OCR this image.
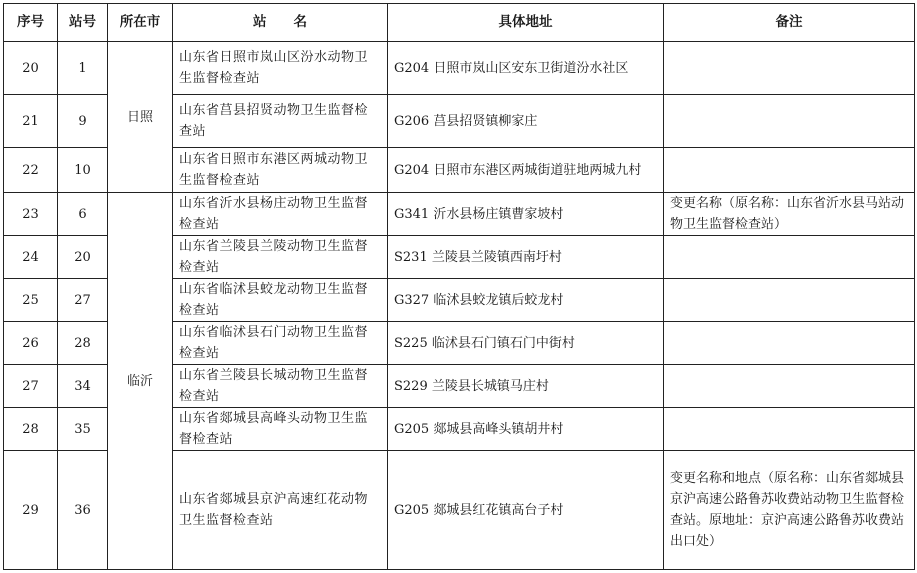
序号	站号	所在市	站　　名	具体地址	备注
20	1	日照	山东省日照市岚山区汾水动物卫生监督检查站	G204 日照市岚山区安东卫街道汾水社区	
21	9		山东省莒县招贤动物卫生监督检查站	G206 莒县招贤镇柳家庄	
22	10		山东省日照市东港区两城动物卫生监督检查站	G204 日照市东港区两城街道驻地两城九村	
23	6	临沂	山东省沂水县杨庄动物卫生监督检查站	G341 沂水县杨庄镇曹家坡村	变更名称（原名称：山东省沂水县马站动物卫生监督检查站）
24	20		山东省兰陵县兰陵动物卫生监督检查站	S231 兰陵县兰陵镇西南圩村	
25	27		山东省临沭县蛟龙动物卫生监督检查站	G327 临沭县蛟龙镇后蛟龙村	
26	28		山东省临沭县石门动物卫生监督检查站	S225 临沭县石门镇石门中街村	
27	34		山东省兰陵县长城动物卫生监督检查站	S229 兰陵县长城镇马庄村	
28	35		山东省郯城县高峰头动物卫生监督检查站	G205 郯城县高峰头镇胡井村	
29	36		山东省郯城县京沪高速红花动物卫生监督检查站	G205 郯城县红花镇高台子村	变更名称和地点（原名称：山东省郯城县京沪高速公路鲁苏收费站动物卫生监督检查站。原地址：京沪高速公路鲁苏收费站出口处）
